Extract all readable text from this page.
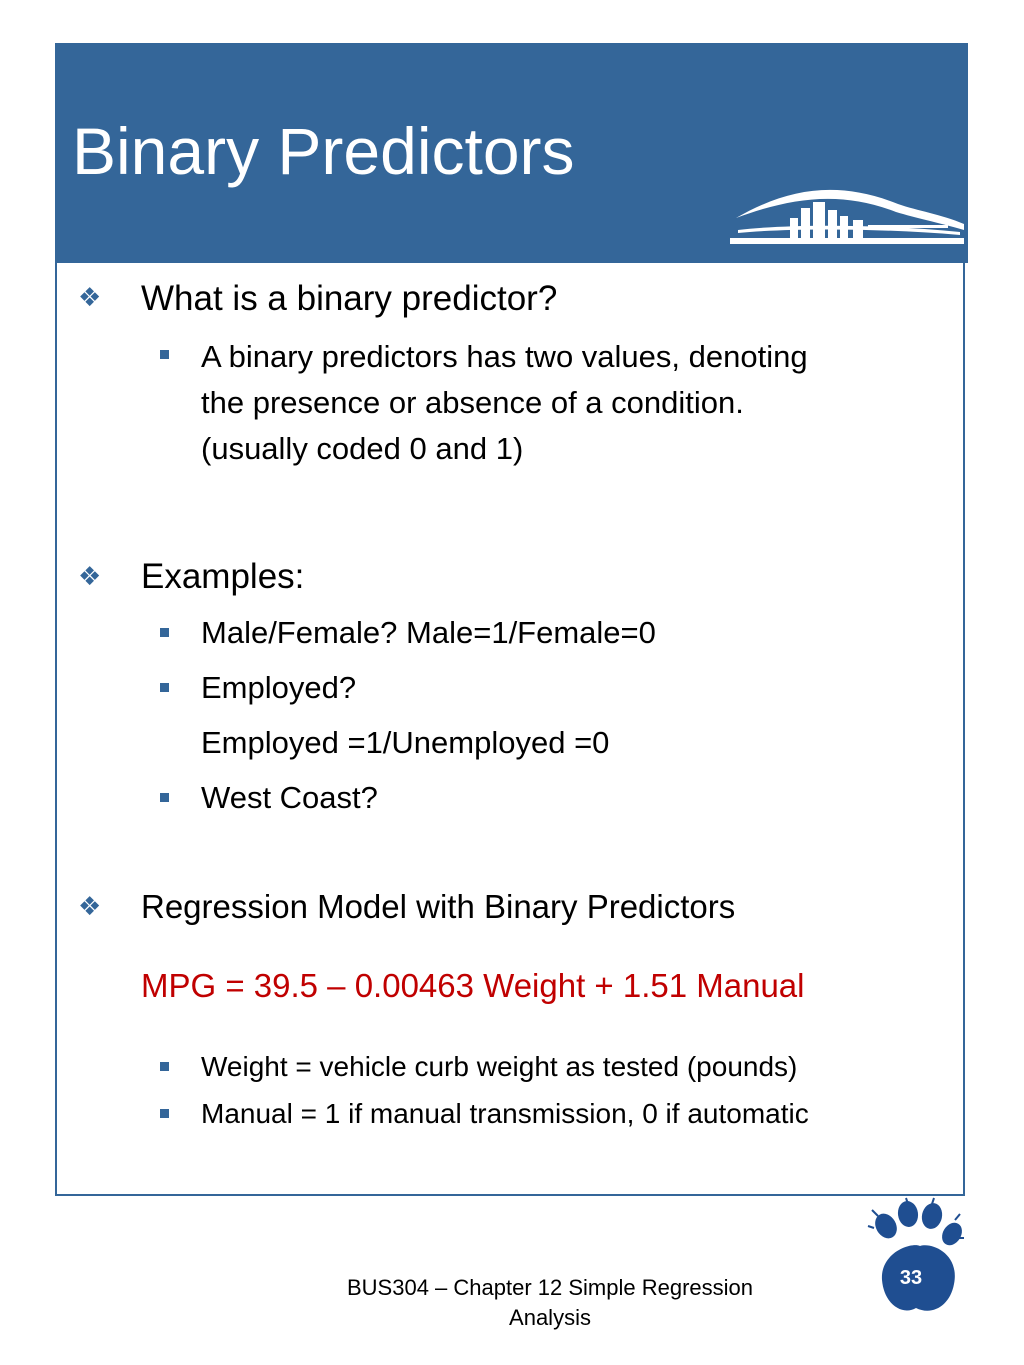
Binary Predictors
❖ What is a binary predictor?
A binary predictors has two values, denoting
the presence or absence of a condition.
(usually coded 0 and 1)
❖ Examples:
Male/Female? Male=1/Female=0
Employed?
Employed =1/Unemployed =0
West Coast?
❖ Regression Model with Binary Predictors
MPG = 39.5 – 0.00463 Weight + 1.51 Manual
Weight = vehicle curb weight as tested (pounds)
Manual = 1 if manual transmission, 0 if automatic
BUS304 – Chapter 12 Simple Regression
Analysis
33
